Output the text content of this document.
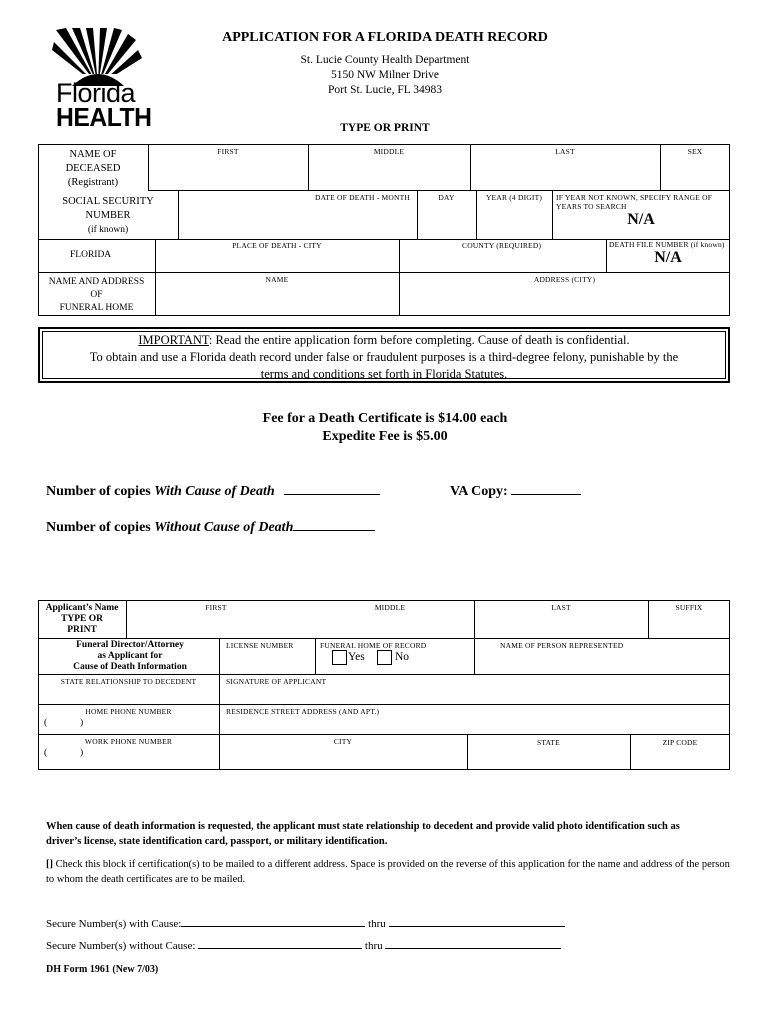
Florida
HEALTH
APPLICATION FOR A FLORIDA DEATH RECORD
St. Lucie County Health Department
5150 NW Milner Drive
Port St. Lucie, FL 34983
TYPE OR PRINT
NAME OF
DECEASED
(Registrant)
FIRST	MIDDLE	LAST	SEX
SOCIAL SECURITY
NUMBER
(if known)
DATE OF DEATH - MONTH	DAY	YEAR (4 DIGIT)	IF YEAR NOT KNOWN, SPECIFY RANGE OF YEARS TO SEARCH
N/A
FLORIDA
PLACE OF DEATH - CITY	COUNTY (REQUIRED)	DEATH FILE NUMBER (if known)
N/A
NAME AND ADDRESS
OF
FUNERAL HOME
NAME	ADDRESS (CITY)
IMPORTANT: Read the entire application form before completing. Cause of death is confidential.
To obtain and use a Florida death record under false or fraudulent purposes is a third-degree felony, punishable by the
terms and conditions set forth in Florida Statutes.
Fee for a Death Certificate is $14.00 each
Expedite Fee is $5.00
Number of copies With Cause of Death	VA Copy:
Number of copies Without Cause of Death
Applicant’s Name
TYPE OR
PRINT
FIRST	MIDDLE	LAST	SUFFIX
Funeral Director/Attorney
as Applicant for
Cause of Death Information
LICENSE NUMBER	FUNERAL HOME OF RECORD
Yes	No
NAME OF PERSON REPRESENTED
STATE RELATIONSHIP TO DECEDENT	SIGNATURE OF APPLICANT
HOME PHONE NUMBER
(	)
RESIDENCE STREET ADDRESS (AND APT.)
WORK PHONE NUMBER
(	)
CITY	STATE	ZIP CODE
When cause of death information is requested, the applicant must state relationship to decedent and provide valid photo identification such as driver’s license, state identification card, passport, or military identification.
[] Check this block if certification(s) to be mailed to a different address. Space is provided on the reverse of this application for the name and address of the person to whom the death certificates are to be mailed.
Secure Number(s) with Cause:	thru
Secure Number(s) without Cause:	thru
DH Form 1961 (New 7/03)
